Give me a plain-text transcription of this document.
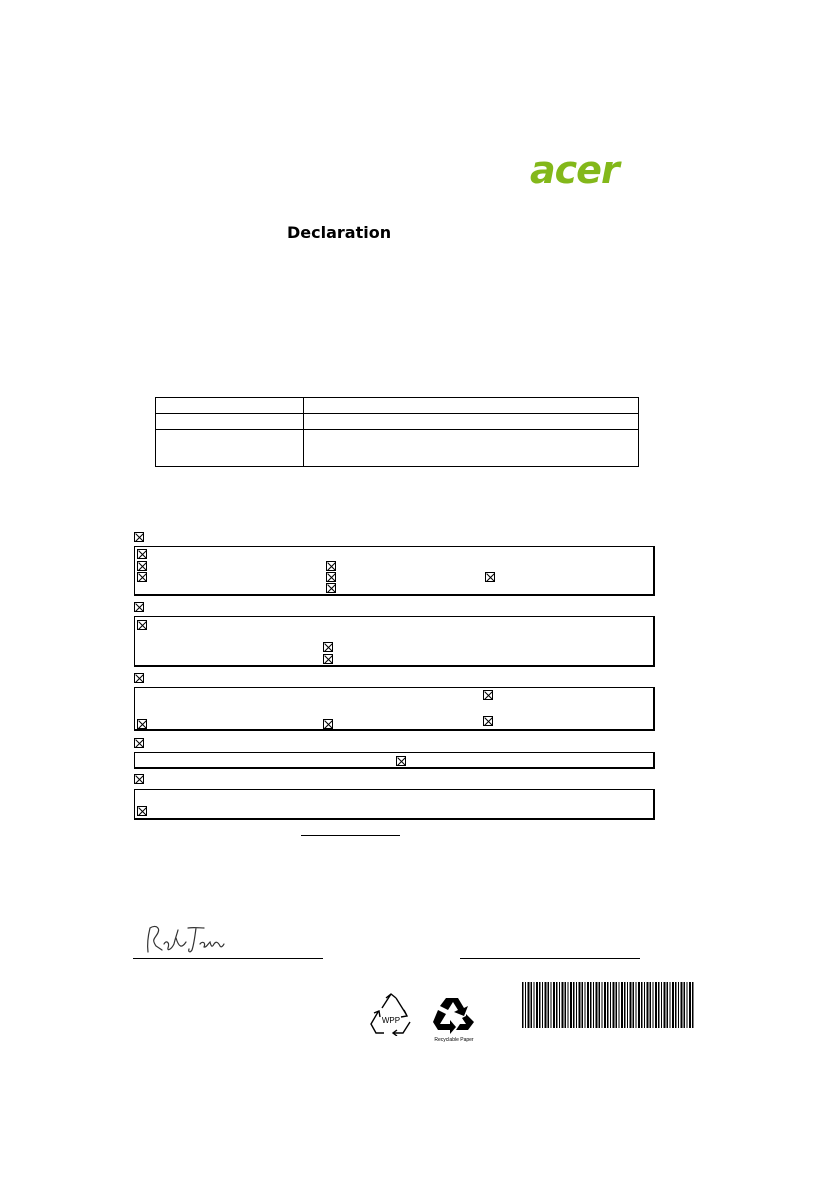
acer
Declaration
WPP
Recyclable Paper
